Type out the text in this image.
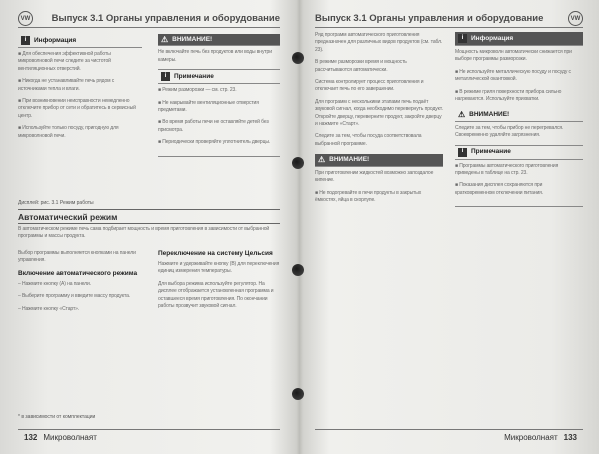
VW Выпуск 3.1 Органы управления и оборудование
i	Информация

■ Для обеспечения эффективной работы микроволновой печи следите за чистотой вентиляционных отверстий.

■ Никогда не устанавливайте печь рядом с источниками тепла и влаги.

■ При возникновении неисправности немедленно отключите прибор от сети и обратитесь в сервисный центр.

■ Используйте только посуду, пригодную для микроволновой печи.

⚠ ВНИМАНИЕ!

Не включайте печь без продуктов или воды внутри камеры.

i	Примечание

■ Режим разморозки — см. стр. 23.

■ Не накрывайте вентиляционные отверстия предметами.

■ Во время работы печи не оставляйте детей без присмотра.

■ Периодически проверяйте уплотнитель дверцы.

Дисплей: рис. 3.1 Режим работы
Автоматический режим

В автоматическом режиме печь сама подбирает мощность и время приготовления в зависимости от выбранной программы и массы продукта.

Выбор программы выполняется кнопками на панели управления.

Включение автоматического режима

– Нажмите кнопку (A) на панели.

– Выберите программу и введите массу продукта.

– Нажмите кнопку «Старт».

Переключение на систему Цельсия

Нажмите и удерживайте кнопку (B) для переключения единиц измерения температуры.

Для выбора режима используйте регулятор. На дисплее отображается установленная программа и оставшееся время приготовления. По окончании работы прозвучит звуковой сигнал.

* в зависимости от комплектации
132 Микроволнаят
Выпуск 3.1 Органы управления и оборудование	VW

Ряд программ автоматического приготовления предназначен для различных видов продуктов (см. табл. 23).

В режиме разморозки время и мощность рассчитываются автоматически.

Система контролирует процесс приготовления и отключает печь по его завершении.

Для программ с несколькими этапами печь подаёт звуковой сигнал, когда необходимо перевернуть продукт. Откройте дверцу, переверните продукт, закройте дверцу и нажмите «Старт».

Следите за тем, чтобы посуда соответствовала выбранной программе.

⚠ ВНИМАНИЕ!

При приготовлении жидкостей возможно запоздалое кипение.

■ Не подогревайте в печи продукты в закрытых ёмкостях, яйца в скорлупе.

i	Информация

Мощность микроволн автоматически снижается при выборе программы разморозки.

■ Не используйте металлическую посуду и посуду с металлической окантовкой.

■ В режиме гриля поверхности прибора сильно нагреваются. Используйте прихватки.

⚠ ВНИМАНИЕ!

Следите за тем, чтобы прибор не перегревался. Своевременно удаляйте загрязнения.

i	Примечание

■ Программы автоматического приготовления приведены в таблице на стр. 23.

■ Показания дисплея сохраняются при кратковременном отключении питания.

Микроволнаят 133
